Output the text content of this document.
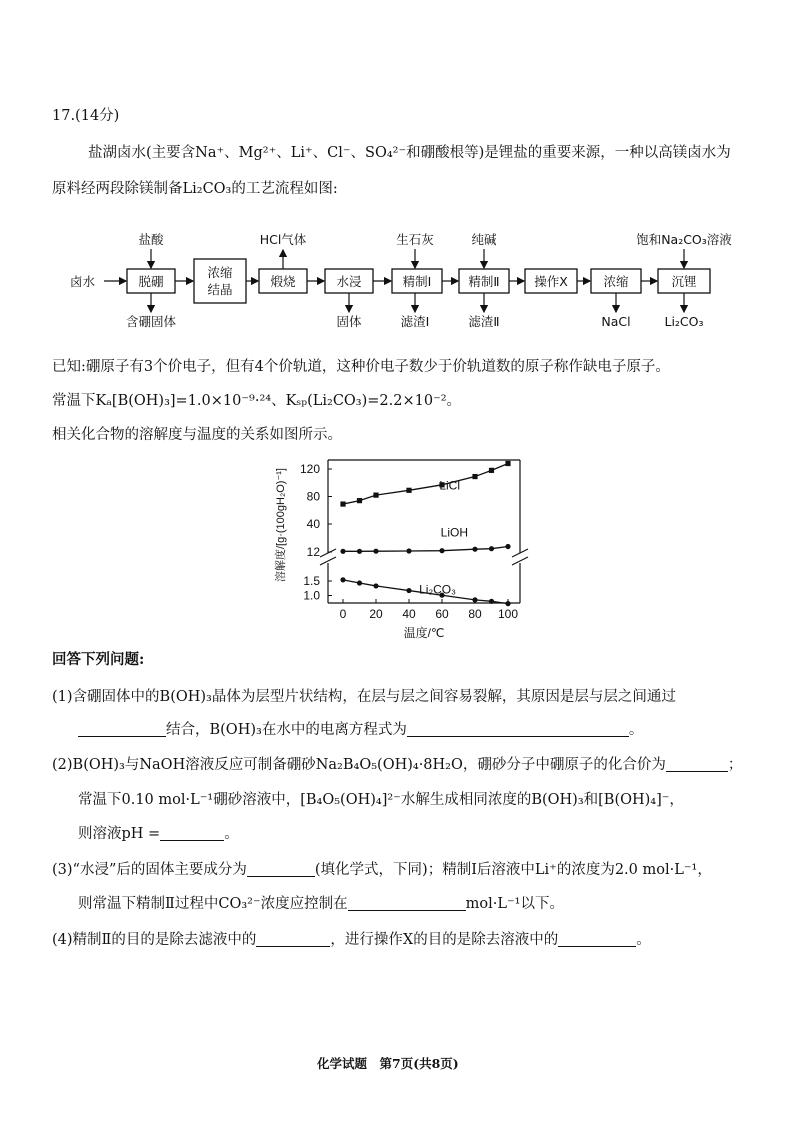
17.(14分)
盐湖卤水(主要含Na⁺、Mg²⁺、Li⁺、Cl⁻、SO₄²⁻和硼酸根等)是锂盐的重要来源，一种以高镁卤水为
原料经两段除镁制备Li₂CO₃的工艺流程如图:
卤水	脱硼
浓缩
结晶
煅烧	水浸	精制Ⅰ	精制Ⅱ	操作X	浓缩	沉锂
盐酸	HCl气体	生石灰	纯碱	饱和Na₂CO₃溶液
含硼固体	固体	滤渣Ⅰ	滤渣Ⅱ	NaCl	Li₂CO₃
已知:硼原子有3个价电子，但有4个价轨道，这种价电子数少于价轨道数的原子称作缺电子原子。
常温下Kₐ[B(OH)₃]=1.0×10⁻⁹·²⁴、Kₛₚ(Li₂CO₃)=2.2×10⁻²。
相关化合物的溶解度与温度的关系如图所示。
0 20 40 60 80 100
12
40
80
120
1.0
1.5
LiCl
LiOH
Li₂CO₃
溶解度/[g·(100gH₂O)⁻¹]
温度/℃
回答下列问题:
(1)含硼固体中的B(OH)₃晶体为层型片状结构，在层与层之间容易裂解，其原因是层与层之间通过
结合，B(OH)₃在水中的电离方程式为	。
(2)B(OH)₃与NaOH溶液反应可制备硼砂Na₂B₄O₅(OH)₄·8H₂O，硼砂分子中硼原子的化合价为	；
常温下0.10 mol·L⁻¹硼砂溶液中，[B₄O₅(OH)₄]²⁻水解生成相同浓度的B(OH)₃和[B(OH)₄]⁻，
则溶液pH =	。
(3)“水浸”后的固体主要成分为	(填化学式，下同)；精制Ⅰ后溶液中Li⁺的浓度为2.0 mol·L⁻¹，
则常温下精制Ⅱ过程中CO₃²⁻浓度应控制在	mol·L⁻¹以下。
(4)精制Ⅱ的目的是除去滤液中的	，进行操作X的目的是除去溶液中的	。
化学试题　第7页(共8页)
